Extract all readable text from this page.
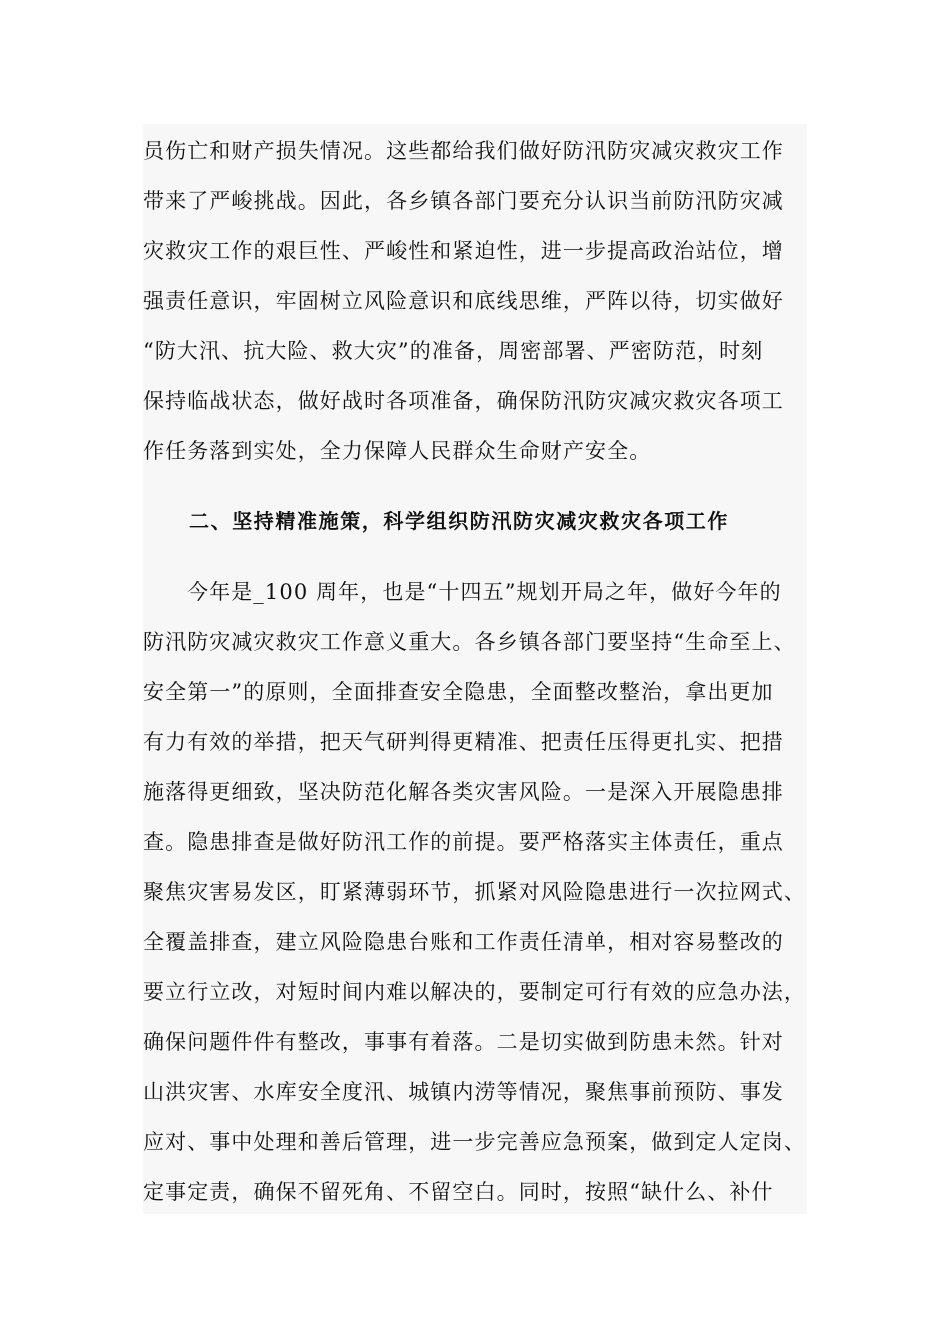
员伤亡和财产损失情况。这些都给我们做好防汛防灾减灾救灾工作
带来了严峻挑战。因此，各乡镇各部门要充分认识当前防汛防灾减
灾救灾工作的艰巨性、严峻性和紧迫性，进一步提高政治站位，增
强责任意识，牢固树立风险意识和底线思维，严阵以待，切实做好
“防大汛、抗大险、救大灾”的准备，周密部署、严密防范，时刻
保持临战状态，做好战时各项准备，确保防汛防灾减灾救灾各项工
作任务落到实处，全力保障人民群众生命财产安全。
二、坚持精准施策，科学组织防汛防灾减灾救灾各项工作
今年是_100 周年，也是“十四五”规划开局之年，做好今年的
防汛防灾减灾救灾工作意义重大。各乡镇各部门要坚持“生命至上、
安全第一”的原则，全面排查安全隐患，全面整改整治，拿出更加
有力有效的举措，把天气研判得更精准、把责任压得更扎实、把措
施落得更细致，坚决防范化解各类灾害风险。一是深入开展隐患排
查。隐患排查是做好防汛工作的前提。要严格落实主体责任，重点
聚焦灾害易发区，盯紧薄弱环节，抓紧对风险隐患进行一次拉网式、
全覆盖排查，建立风险隐患台账和工作责任清单，相对容易整改的
要立行立改，对短时间内难以解决的，要制定可行有效的应急办法，
确保问题件件有整改，事事有着落。二是切实做到防患未然。针对
山洪灾害、水库安全度汛、城镇内涝等情况，聚焦事前预防、事发
应对、事中处理和善后管理，进一步完善应急预案，做到定人定岗、
定事定责，确保不留死角、不留空白。同时，按照“缺什么、补什
